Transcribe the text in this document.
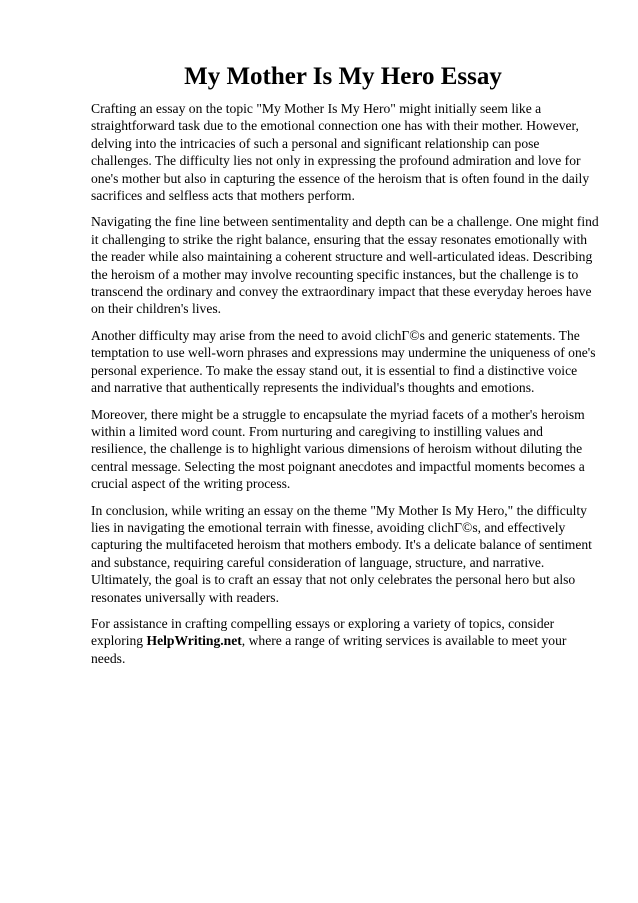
My Mother Is My Hero Essay

Crafting an essay on the topic "My Mother Is My Hero" might initially seem like a straightforward task due to the emotional connection one has with their mother. However, delving into the intricacies of such a personal and significant relationship can pose challenges. The difficulty lies not only in expressing the profound admiration and love for one's mother but also in capturing the essence of the heroism that is often found in the daily sacrifices and selfless acts that mothers perform.

Navigating the fine line between sentimentality and depth can be a challenge. One might find it challenging to strike the right balance, ensuring that the essay resonates emotionally with the reader while also maintaining a coherent structure and well-articulated ideas. Describing the heroism of a mother may involve recounting specific instances, but the challenge is to transcend the ordinary and convey the extraordinary impact that these everyday heroes have on their children's lives.

Another difficulty may arise from the need to avoid clichГ©s and generic statements. The temptation to use well-worn phrases and expressions may undermine the uniqueness of one's personal experience. To make the essay stand out, it is essential to find a distinctive voice and narrative that authentically represents the individual's thoughts and emotions.

Moreover, there might be a struggle to encapsulate the myriad facets of a mother's heroism within a limited word count. From nurturing and caregiving to instilling values and resilience, the challenge is to highlight various dimensions of heroism without diluting the central message. Selecting the most poignant anecdotes and impactful moments becomes a crucial aspect of the writing process.

In conclusion, while writing an essay on the theme "My Mother Is My Hero," the difficulty lies in navigating the emotional terrain with finesse, avoiding clichГ©s, and effectively capturing the multifaceted heroism that mothers embody. It's a delicate balance of sentiment and substance, requiring careful consideration of language, structure, and narrative. Ultimately, the goal is to craft an essay that not only celebrates the personal hero but also resonates universally with readers.

For assistance in crafting compelling essays or exploring a variety of topics, consider exploring HelpWriting.net, where a range of writing services is available to meet your needs.
